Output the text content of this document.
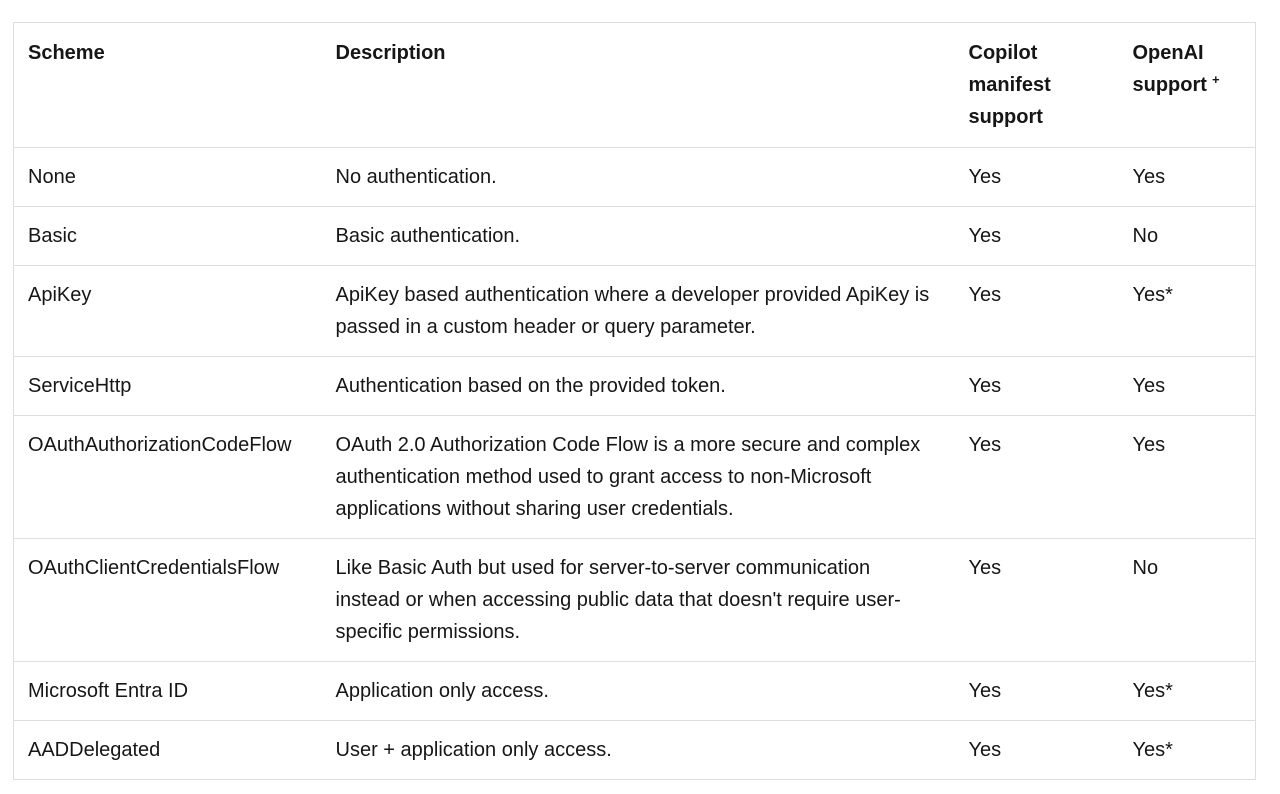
Scheme	Description	Copilot manifest support	OpenAI support +
None	No authentication.	Yes	Yes
Basic	Basic authentication.	Yes	No
ApiKey	ApiKey based authentication where a developer provided ApiKey is passed in a custom header or query parameter.	Yes	Yes*
ServiceHttp	Authentication based on the provided token.	Yes	Yes
OAuthAuthorizationCodeFlow	OAuth 2.0 Authorization Code Flow is a more secure and complex authentication method used to grant access to non-Microsoft applications without sharing user credentials.	Yes	Yes
OAuthClientCredentialsFlow	Like Basic Auth but used for server-to-server communication instead or when accessing public data that doesn't require user-specific permissions.	Yes	No
Microsoft Entra ID	Application only access.	Yes	Yes*
AADDelegated	User + application only access.	Yes	Yes*
